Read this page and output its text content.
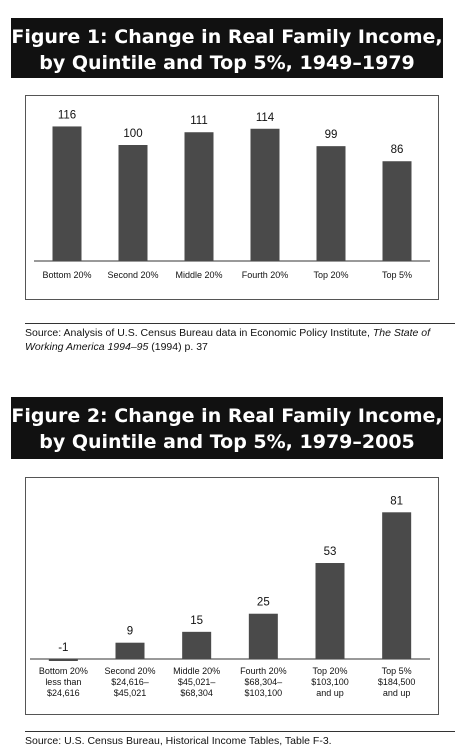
Figure 1: Change in Real Family Income,
by Quintile and Top 5%, 1949–1979
116
Bottom 20%
100
Second 20%
111
Middle 20%
114
Fourth 20%
99
Top 20%
86
Top 5%
Source: Analysis of U.S. Census Bureau data in Economic Policy Institute, The State of Working America 1994–95 (1994) p. 37
Figure 2: Change in Real Family Income,
by Quintile and Top 5%, 1979–2005
-1
Bottom 20%
less than
$24,616
9
Second 20%
$24,616–
$45,021
15
Middle 20%
$45,021–
$68,304
25
Fourth 20%
$68,304–
$103,100
53
Top 20%
$103,100
and up
81
Top 5%
$184,500
and up
Source: U.S. Census Bureau, Historical Income Tables, Table F-3.
